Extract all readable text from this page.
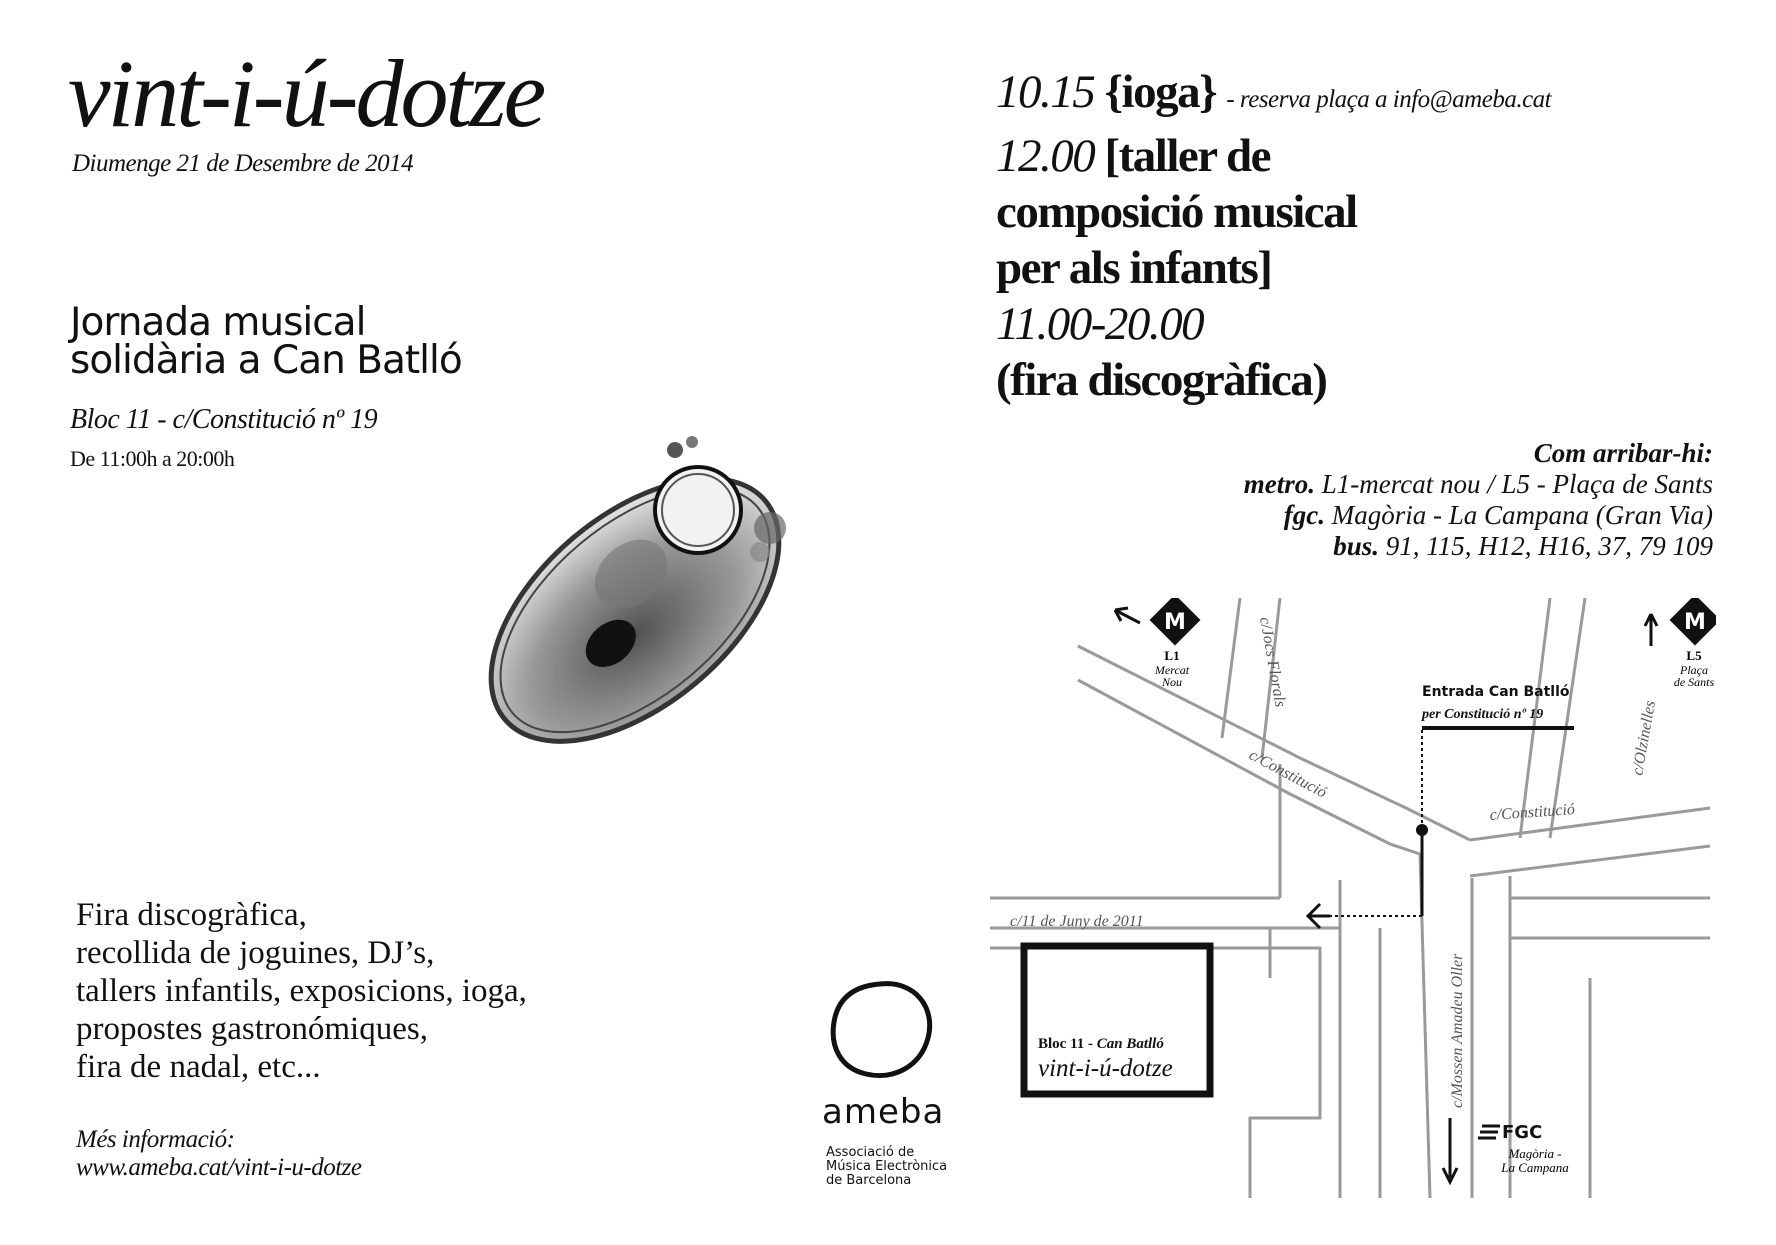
vint-i-ú-dotze
Diumenge 21 de Desembre de 2014
Jornada musical
solidària a Can Batlló
Bloc 11 - c/Constitució nº 19
De 11:00h a 20:00h
Fira discogràfica,
recollida de joguines, DJ’s,
tallers infantils, exposicions, ioga,
propostes gastronómiques,
fira de nadal, etc...
Més informació:
www.ameba.cat/vint-i-u-dotze
10.15 {ioga} - reserva plaça a info@ameba.cat
12.00 [taller de
composició musical
per als infants]
11.00-20.00
(fira discogràfica)
Com arribar-hi:
metro. L1-mercat nou / L5 - Plaça de Sants
fgc. Magòria - La Campana (Gran Via)
bus. 91, 115, H12, H16, 37, 79 109
M
L1
Mercat
Nou
M
L5
Plaça
de Sants
c/Jocs Florals
c/Constitució
c/Constitució
c/Olzinelles
c/11 de Juny de 2011
c/Mossen Amadeu Oller
Entrada Can Batlló
per Constitució nº 19
Bloc 11 - Can Batlló
vint-i-ú-dotze
FGC
Magòria -
La Campana
ameba
Associació de
Música Electrònica
de Barcelona
